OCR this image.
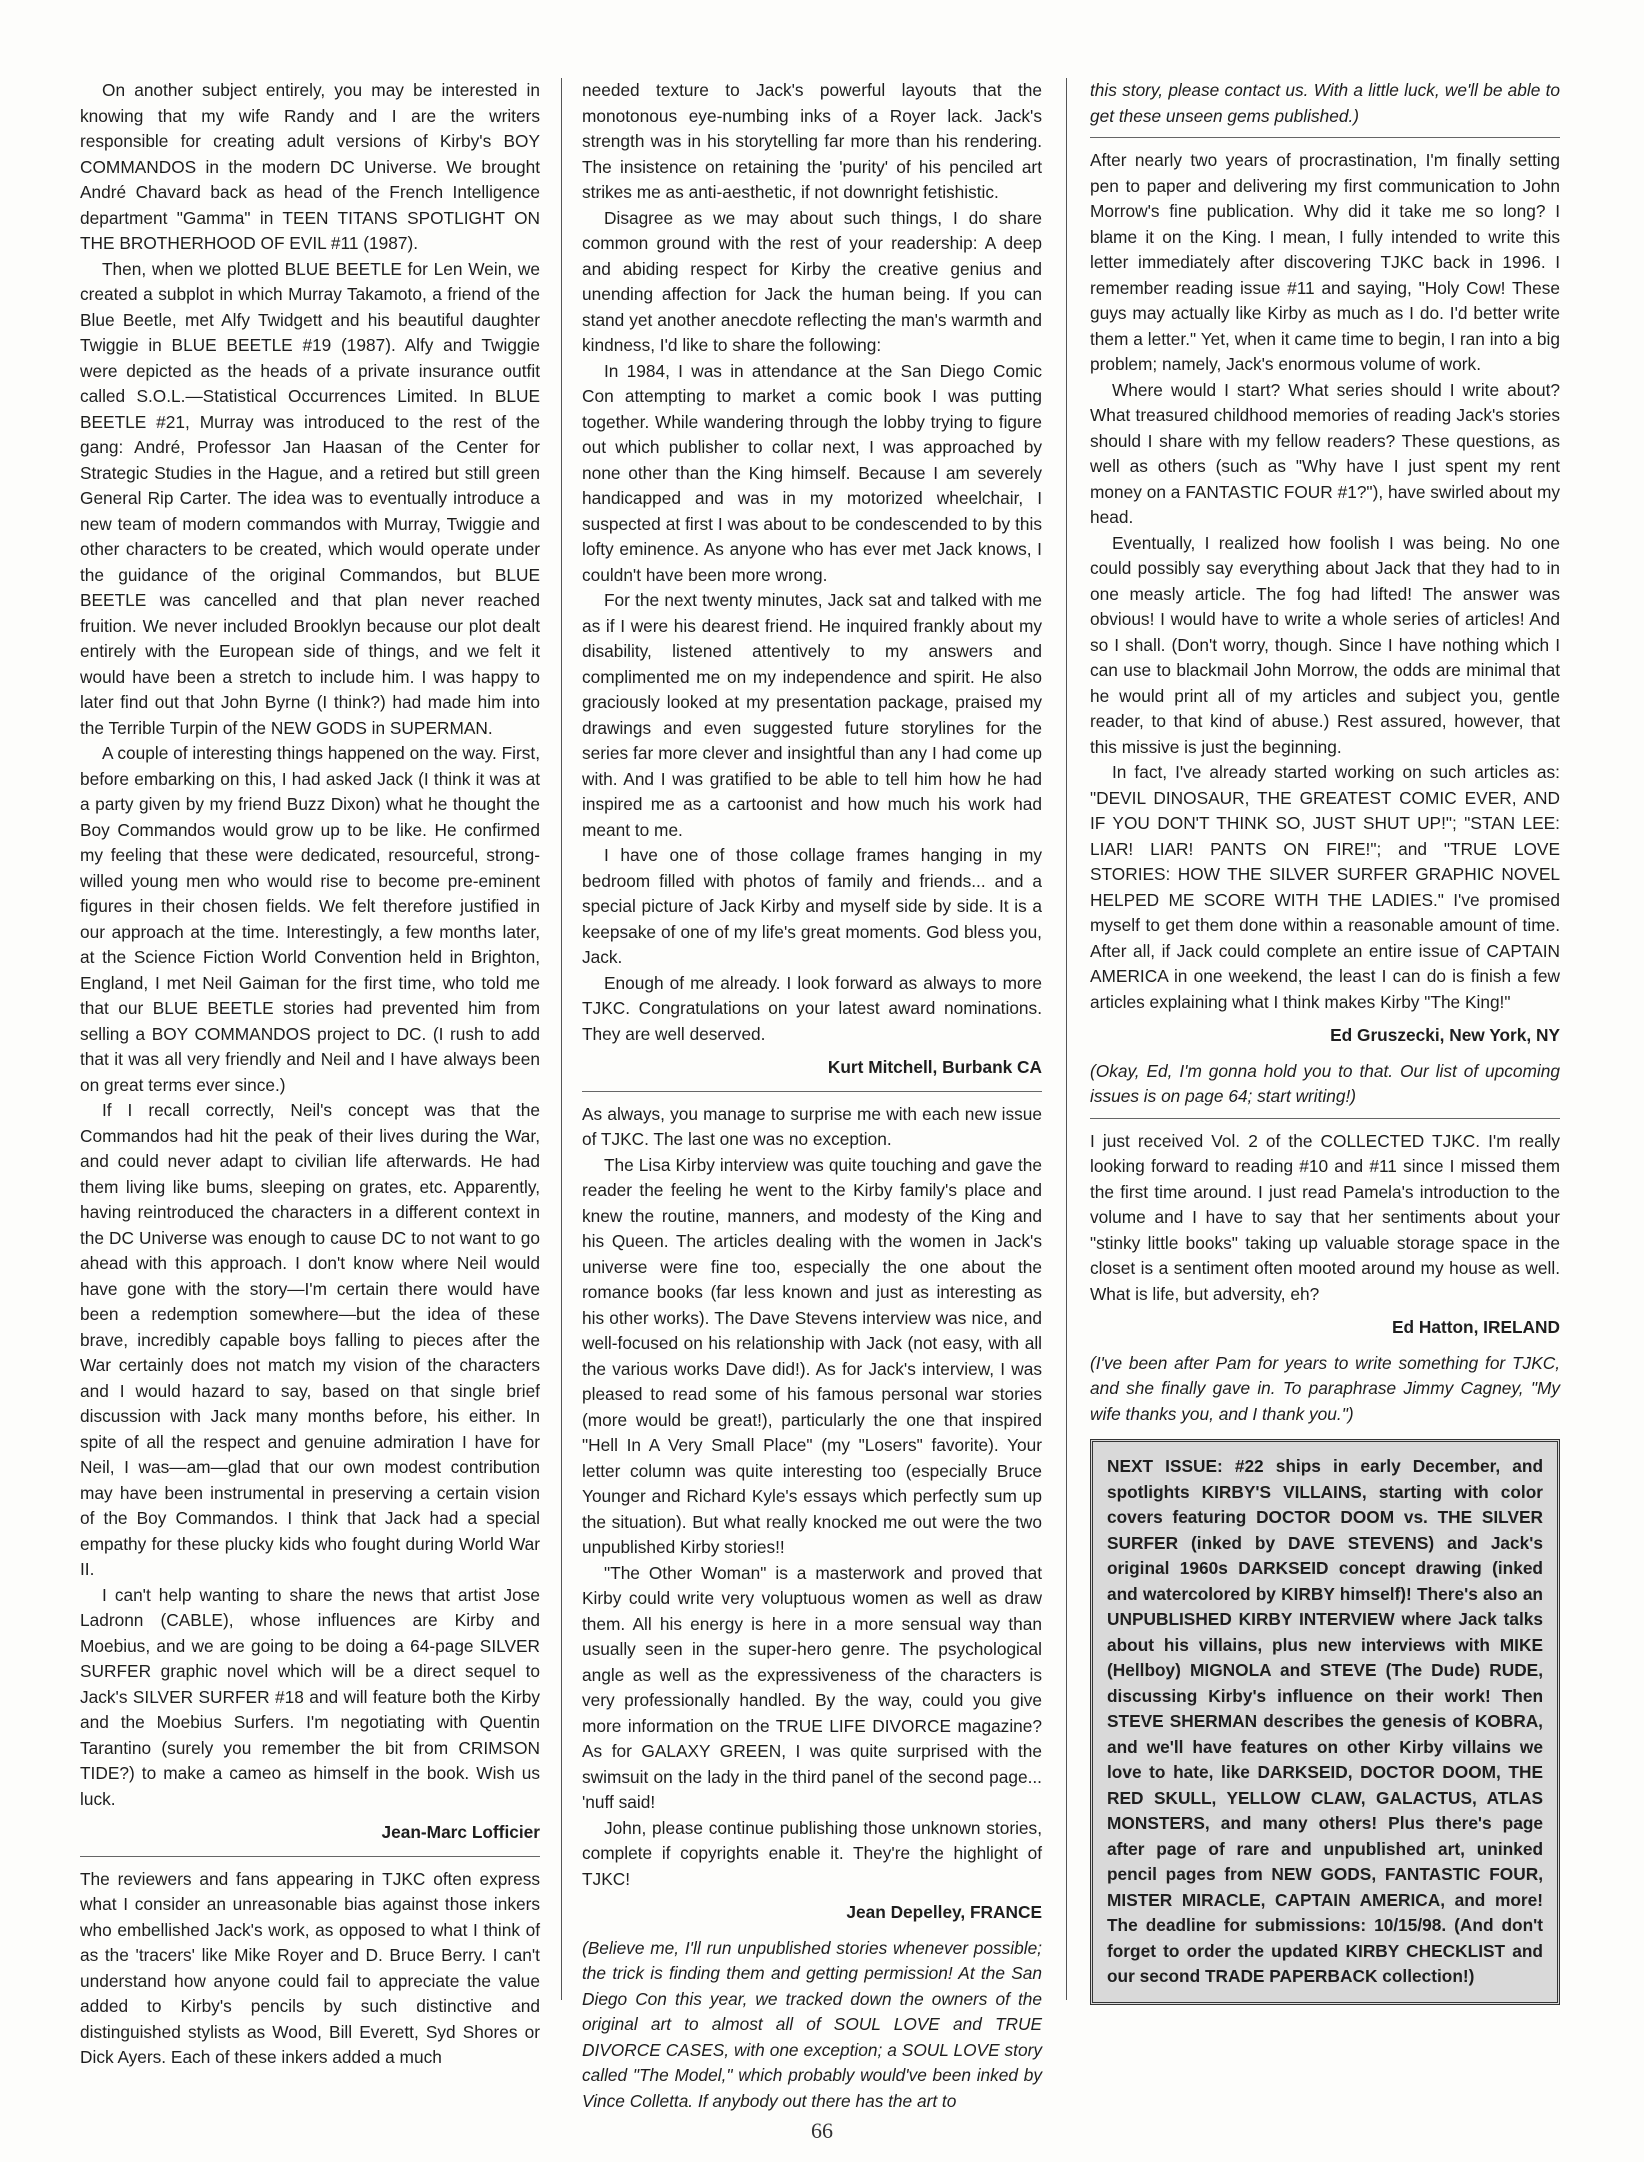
On another subject entirely, you may be interested in knowing that my wife Randy and I are the writers responsible for creating adult versions of Kirby's BOY COMMANDOS in the modern DC Universe. We brought André Chavard back as head of the French Intelligence department "Gamma" in TEEN TITANS SPOTLIGHT ON THE BROTHERHOOD OF EVIL #11 (1987).

Then, when we plotted BLUE BEETLE for Len Wein, we created a subplot in which Murray Takamoto, a friend of the Blue Beetle, met Alfy Twidgett and his beautiful daughter Twiggie in BLUE BEETLE #19 (1987). Alfy and Twiggie were depicted as the heads of a private insurance outfit called S.O.L.—Statistical Occurrences Limited. In BLUE BEETLE #21, Murray was introduced to the rest of the gang: André, Professor Jan Haasan of the Center for Strategic Studies in the Hague, and a retired but still green General Rip Carter. The idea was to eventually introduce a new team of modern commandos with Murray, Twiggie and other characters to be created, which would operate under the guidance of the original Commandos, but BLUE BEETLE was cancelled and that plan never reached fruition. We never included Brooklyn because our plot dealt entirely with the European side of things, and we felt it would have been a stretch to include him. I was happy to later find out that John Byrne (I think?) had made him into the Terrible Turpin of the NEW GODS in SUPERMAN.

A couple of interesting things happened on the way. First, before embarking on this, I had asked Jack (I think it was at a party given by my friend Buzz Dixon) what he thought the Boy Commandos would grow up to be like. He confirmed my feeling that these were dedicated, resourceful, strong-willed young men who would rise to become pre-eminent figures in their chosen fields. We felt therefore justified in our approach at the time. Interestingly, a few months later, at the Science Fiction World Convention held in Brighton, England, I met Neil Gaiman for the first time, who told me that our BLUE BEETLE stories had prevented him from selling a BOY COMMANDOS project to DC. (I rush to add that it was all very friendly and Neil and I have always been on great terms ever since.)

If I recall correctly, Neil's concept was that the Commandos had hit the peak of their lives during the War, and could never adapt to civilian life afterwards. He had them living like bums, sleeping on grates, etc. Apparently, having reintroduced the characters in a different context in the DC Universe was enough to cause DC to not want to go ahead with this approach. I don't know where Neil would have gone with the story—I'm certain there would have been a redemption somewhere—but the idea of these brave, incredibly capable boys falling to pieces after the War certainly does not match my vision of the characters and I would hazard to say, based on that single brief discussion with Jack many months before, his either. In spite of all the respect and genuine admiration I have for Neil, I was—am—glad that our own modest contribution may have been instrumental in preserving a certain vision of the Boy Commandos. I think that Jack had a special empathy for these plucky kids who fought during World War II.

I can't help wanting to share the news that artist Jose Ladronn (CABLE), whose influences are Kirby and Moebius, and we are going to be doing a 64-page SILVER SURFER graphic novel which will be a direct sequel to Jack's SILVER SURFER #18 and will feature both the Kirby and the Moebius Surfers. I'm negotiating with Quentin Tarantino (surely you remember the bit from CRIMSON TIDE?) to make a cameo as himself in the book. Wish us luck.

Jean-Marc Lofficier

The reviewers and fans appearing in TJKC often express what I consider an unreasonable bias against those inkers who embellished Jack's work, as opposed to what I think of as the 'tracers' like Mike Royer and D. Bruce Berry. I can't understand how anyone could fail to appreciate the value added to Kirby's pencils by such distinctive and distinguished stylists as Wood, Bill Everett, Syd Shores or Dick Ayers. Each of these inkers added a much

needed texture to Jack's powerful layouts that the monotonous eye-numbing inks of a Royer lack. Jack's strength was in his storytelling far more than his rendering. The insistence on retaining the 'purity' of his penciled art strikes me as anti-aesthetic, if not downright fetishistic.

Disagree as we may about such things, I do share common ground with the rest of your readership: A deep and abiding respect for Kirby the creative genius and unending affection for Jack the human being. If you can stand yet another anecdote reflecting the man's warmth and kindness, I'd like to share the following:

In 1984, I was in attendance at the San Diego Comic Con attempting to market a comic book I was putting together. While wandering through the lobby trying to figure out which publisher to collar next, I was approached by none other than the King himself. Because I am severely handicapped and was in my motorized wheelchair, I suspected at first I was about to be condescended to by this lofty eminence. As anyone who has ever met Jack knows, I couldn't have been more wrong.

For the next twenty minutes, Jack sat and talked with me as if I were his dearest friend. He inquired frankly about my disability, listened attentively to my answers and complimented me on my independence and spirit. He also graciously looked at my presentation package, praised my drawings and even suggested future storylines for the series far more clever and insightful than any I had come up with. And I was gratified to be able to tell him how he had inspired me as a cartoonist and how much his work had meant to me.

I have one of those collage frames hanging in my bedroom filled with photos of family and friends... and a special picture of Jack Kirby and myself side by side. It is a keepsake of one of my life's great moments. God bless you, Jack.

Enough of me already. I look forward as always to more TJKC. Congratulations on your latest award nominations. They are well deserved.

Kurt Mitchell, Burbank CA

As always, you manage to surprise me with each new issue of TJKC. The last one was no exception.

The Lisa Kirby interview was quite touching and gave the reader the feeling he went to the Kirby family's place and knew the routine, manners, and modesty of the King and his Queen. The articles dealing with the women in Jack's universe were fine too, especially the one about the romance books (far less known and just as interesting as his other works). The Dave Stevens interview was nice, and well-focused on his relationship with Jack (not easy, with all the various works Dave did!). As for Jack's interview, I was pleased to read some of his famous personal war stories (more would be great!), particularly the one that inspired "Hell In A Very Small Place" (my "Losers" favorite). Your letter column was quite interesting too (especially Bruce Younger and Richard Kyle's essays which perfectly sum up the situation). But what really knocked me out were the two unpublished Kirby stories!!

"The Other Woman" is a masterwork and proved that Kirby could write very voluptuous women as well as draw them. All his energy is here in a more sensual way than usually seen in the super-hero genre. The psychological angle as well as the expressiveness of the characters is very professionally handled. By the way, could you give more information on the TRUE LIFE DIVORCE magazine? As for GALAXY GREEN, I was quite surprised with the swimsuit on the lady in the third panel of the second page... 'nuff said!

John, please continue publishing those unknown stories, complete if copyrights enable it. They're the highlight of TJKC!

Jean Depelley, FRANCE

(Believe me, I'll run unpublished stories whenever possible; the trick is finding them and getting permission! At the San Diego Con this year, we tracked down the owners of the original art to almost all of SOUL LOVE and TRUE DIVORCE CASES, with one exception; a SOUL LOVE story called "The Model," which probably would've been inked by Vince Colletta. If anybody out there has the art to

this story, please contact us. With a little luck, we'll be able to get these unseen gems published.)

After nearly two years of procrastination, I'm finally setting pen to paper and delivering my first communication to John Morrow's fine publication. Why did it take me so long? I blame it on the King. I mean, I fully intended to write this letter immediately after discovering TJKC back in 1996. I remember reading issue #11 and saying, "Holy Cow! These guys may actually like Kirby as much as I do. I'd better write them a letter." Yet, when it came time to begin, I ran into a big problem; namely, Jack's enormous volume of work.

Where would I start? What series should I write about? What treasured childhood memories of reading Jack's stories should I share with my fellow readers? These questions, as well as others (such as "Why have I just spent my rent money on a FANTASTIC FOUR #1?"), have swirled about my head.

Eventually, I realized how foolish I was being. No one could possibly say everything about Jack that they had to in one measly article. The fog had lifted! The answer was obvious! I would have to write a whole series of articles! And so I shall. (Don't worry, though. Since I have nothing which I can use to blackmail John Morrow, the odds are minimal that he would print all of my articles and subject you, gentle reader, to that kind of abuse.) Rest assured, however, that this missive is just the beginning.

In fact, I've already started working on such articles as: "DEVIL DINOSAUR, THE GREATEST COMIC EVER, AND IF YOU DON'T THINK SO, JUST SHUT UP!"; "STAN LEE: LIAR! LIAR! PANTS ON FIRE!"; and "TRUE LOVE STORIES: HOW THE SILVER SURFER GRAPHIC NOVEL HELPED ME SCORE WITH THE LADIES." I've promised myself to get them done within a reasonable amount of time. After all, if Jack could complete an entire issue of CAPTAIN AMERICA in one weekend, the least I can do is finish a few articles explaining what I think makes Kirby "The King!"

Ed Gruszecki, New York, NY

(Okay, Ed, I'm gonna hold you to that. Our list of upcoming issues is on page 64; start writing!)

I just received Vol. 2 of the COLLECTED TJKC. I'm really looking forward to reading #10 and #11 since I missed them the first time around. I just read Pamela's introduction to the volume and I have to say that her sentiments about your "stinky little books" taking up valuable storage space in the closet is a sentiment often mooted around my house as well. What is life, but adversity, eh?

Ed Hatton, IRELAND

(I've been after Pam for years to write something for TJKC, and she finally gave in. To paraphrase Jimmy Cagney, "My wife thanks you, and I thank you.")

NEXT ISSUE: #22 ships in early December, and spotlights KIRBY'S VILLAINS, starting with color covers featuring DOCTOR DOOM vs. THE SILVER SURFER (inked by DAVE STEVENS) and Jack's original 1960s DARKSEID concept drawing (inked and watercolored by KIRBY himself)! There's also an UNPUBLISHED KIRBY INTERVIEW where Jack talks about his villains, plus new interviews with MIKE (Hellboy) MIGNOLA and STEVE (The Dude) RUDE, discussing Kirby's influence on their work! Then STEVE SHERMAN describes the genesis of KOBRA, and we'll have features on other Kirby villains we love to hate, like DARKSEID, DOCTOR DOOM, THE RED SKULL, YELLOW CLAW, GALACTUS, ATLAS MONSTERS, and many others! Plus there's page after page of rare and unpublished art, uninked pencil pages from NEW GODS, FANTASTIC FOUR, MISTER MIRACLE, CAPTAIN AMERICA, and more! The deadline for submissions: 10/15/98. (And don't forget to order the updated KIRBY CHECKLIST and our second TRADE PAPERBACK collection!)
66
